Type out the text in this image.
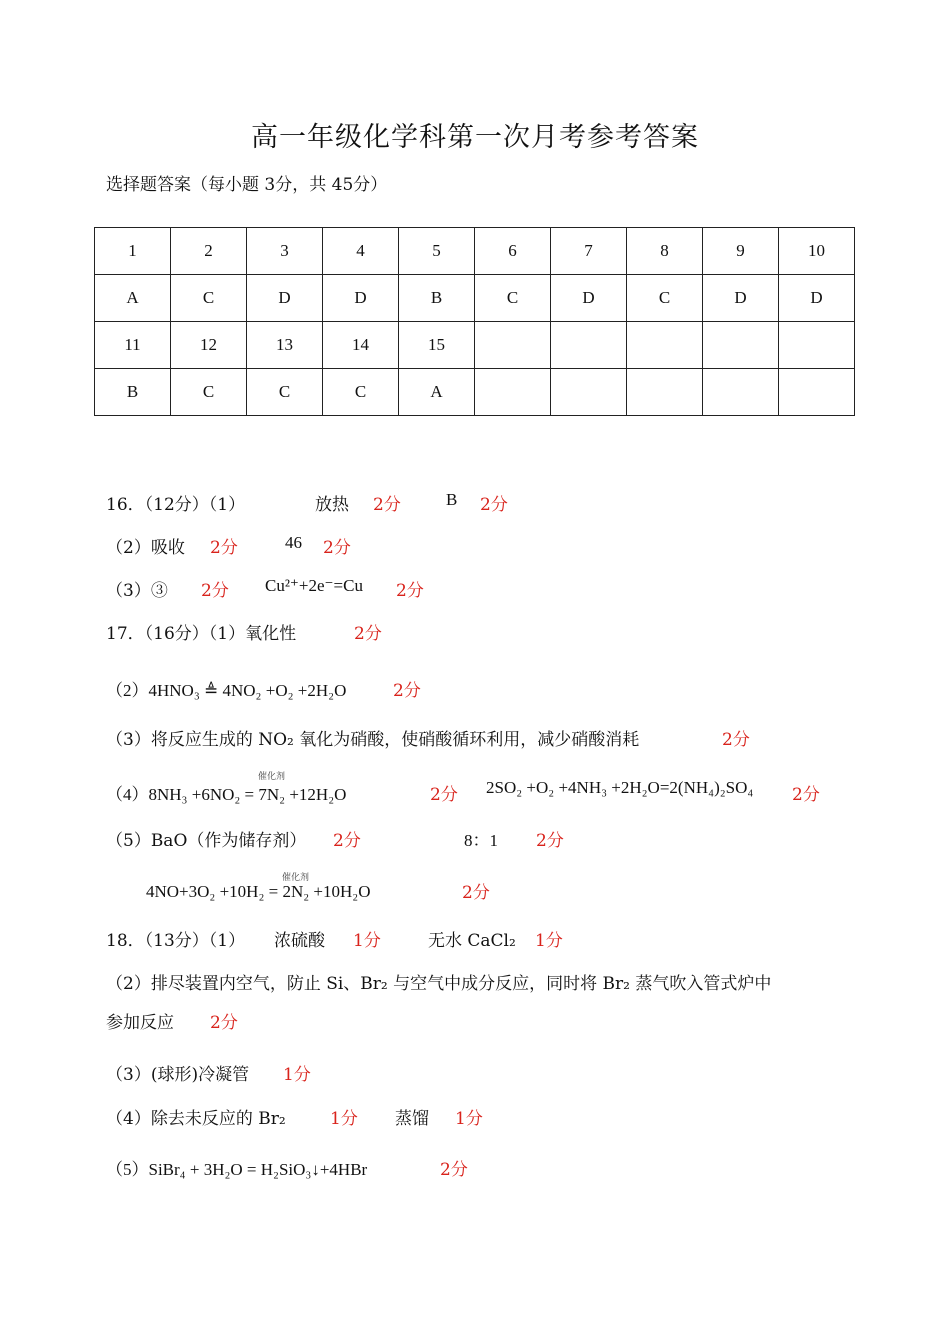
高一年级化学科第一次月考参考答案
选择题答案（每小题 3分，共 45分）
1	2	3	4	5	6	7	8	9	10
A	C	D	D	B	C	D	C	D	D
11	12	13	14	15					
B	C	C	C	A					
16．（12分）（1）	放热 2分	B 2分
（2）吸收 2分	46 2分
（3）③ 2分 Cu²⁺+2e⁻=Cu 2分
17．（16分）（1）氧化性	2分
（2）4HNO₃ ≜ 4NO₂ +O₂ +2H₂O	2分
（3）将反应生成的 NO₂ 氧化为硝酸，使硝酸循环利用，减少硝酸消耗	2分
催化剂
（4）8NH₃ +6NO₂ = 7N₂ +12H₂O	2分 2SO₂ +O₂ +4NH₃ +2H₂O=2(NH₄)₂SO₄ 2分
（5）BaO（作为储存剂） 2分	8：1 2分
催化剂
4NO+3O₂ +10H₂ = 2N₂ +10H₂O	2分
18．（13分）（1） 浓硫酸 1分	无水 CaCl₂ 1分
（2）排尽装置内空气，防止 Si、Br₂ 与空气中成分反应，同时将 Br₂ 蒸气吹入管式炉中
参加反应 2分
（3）(球形)冷凝管 1分
（4）除去未反应的 Br₂	1分 蒸馏 1分
（5）SiBr₄ + 3H₂O = H₂SiO₃↓+4HBr	2分
